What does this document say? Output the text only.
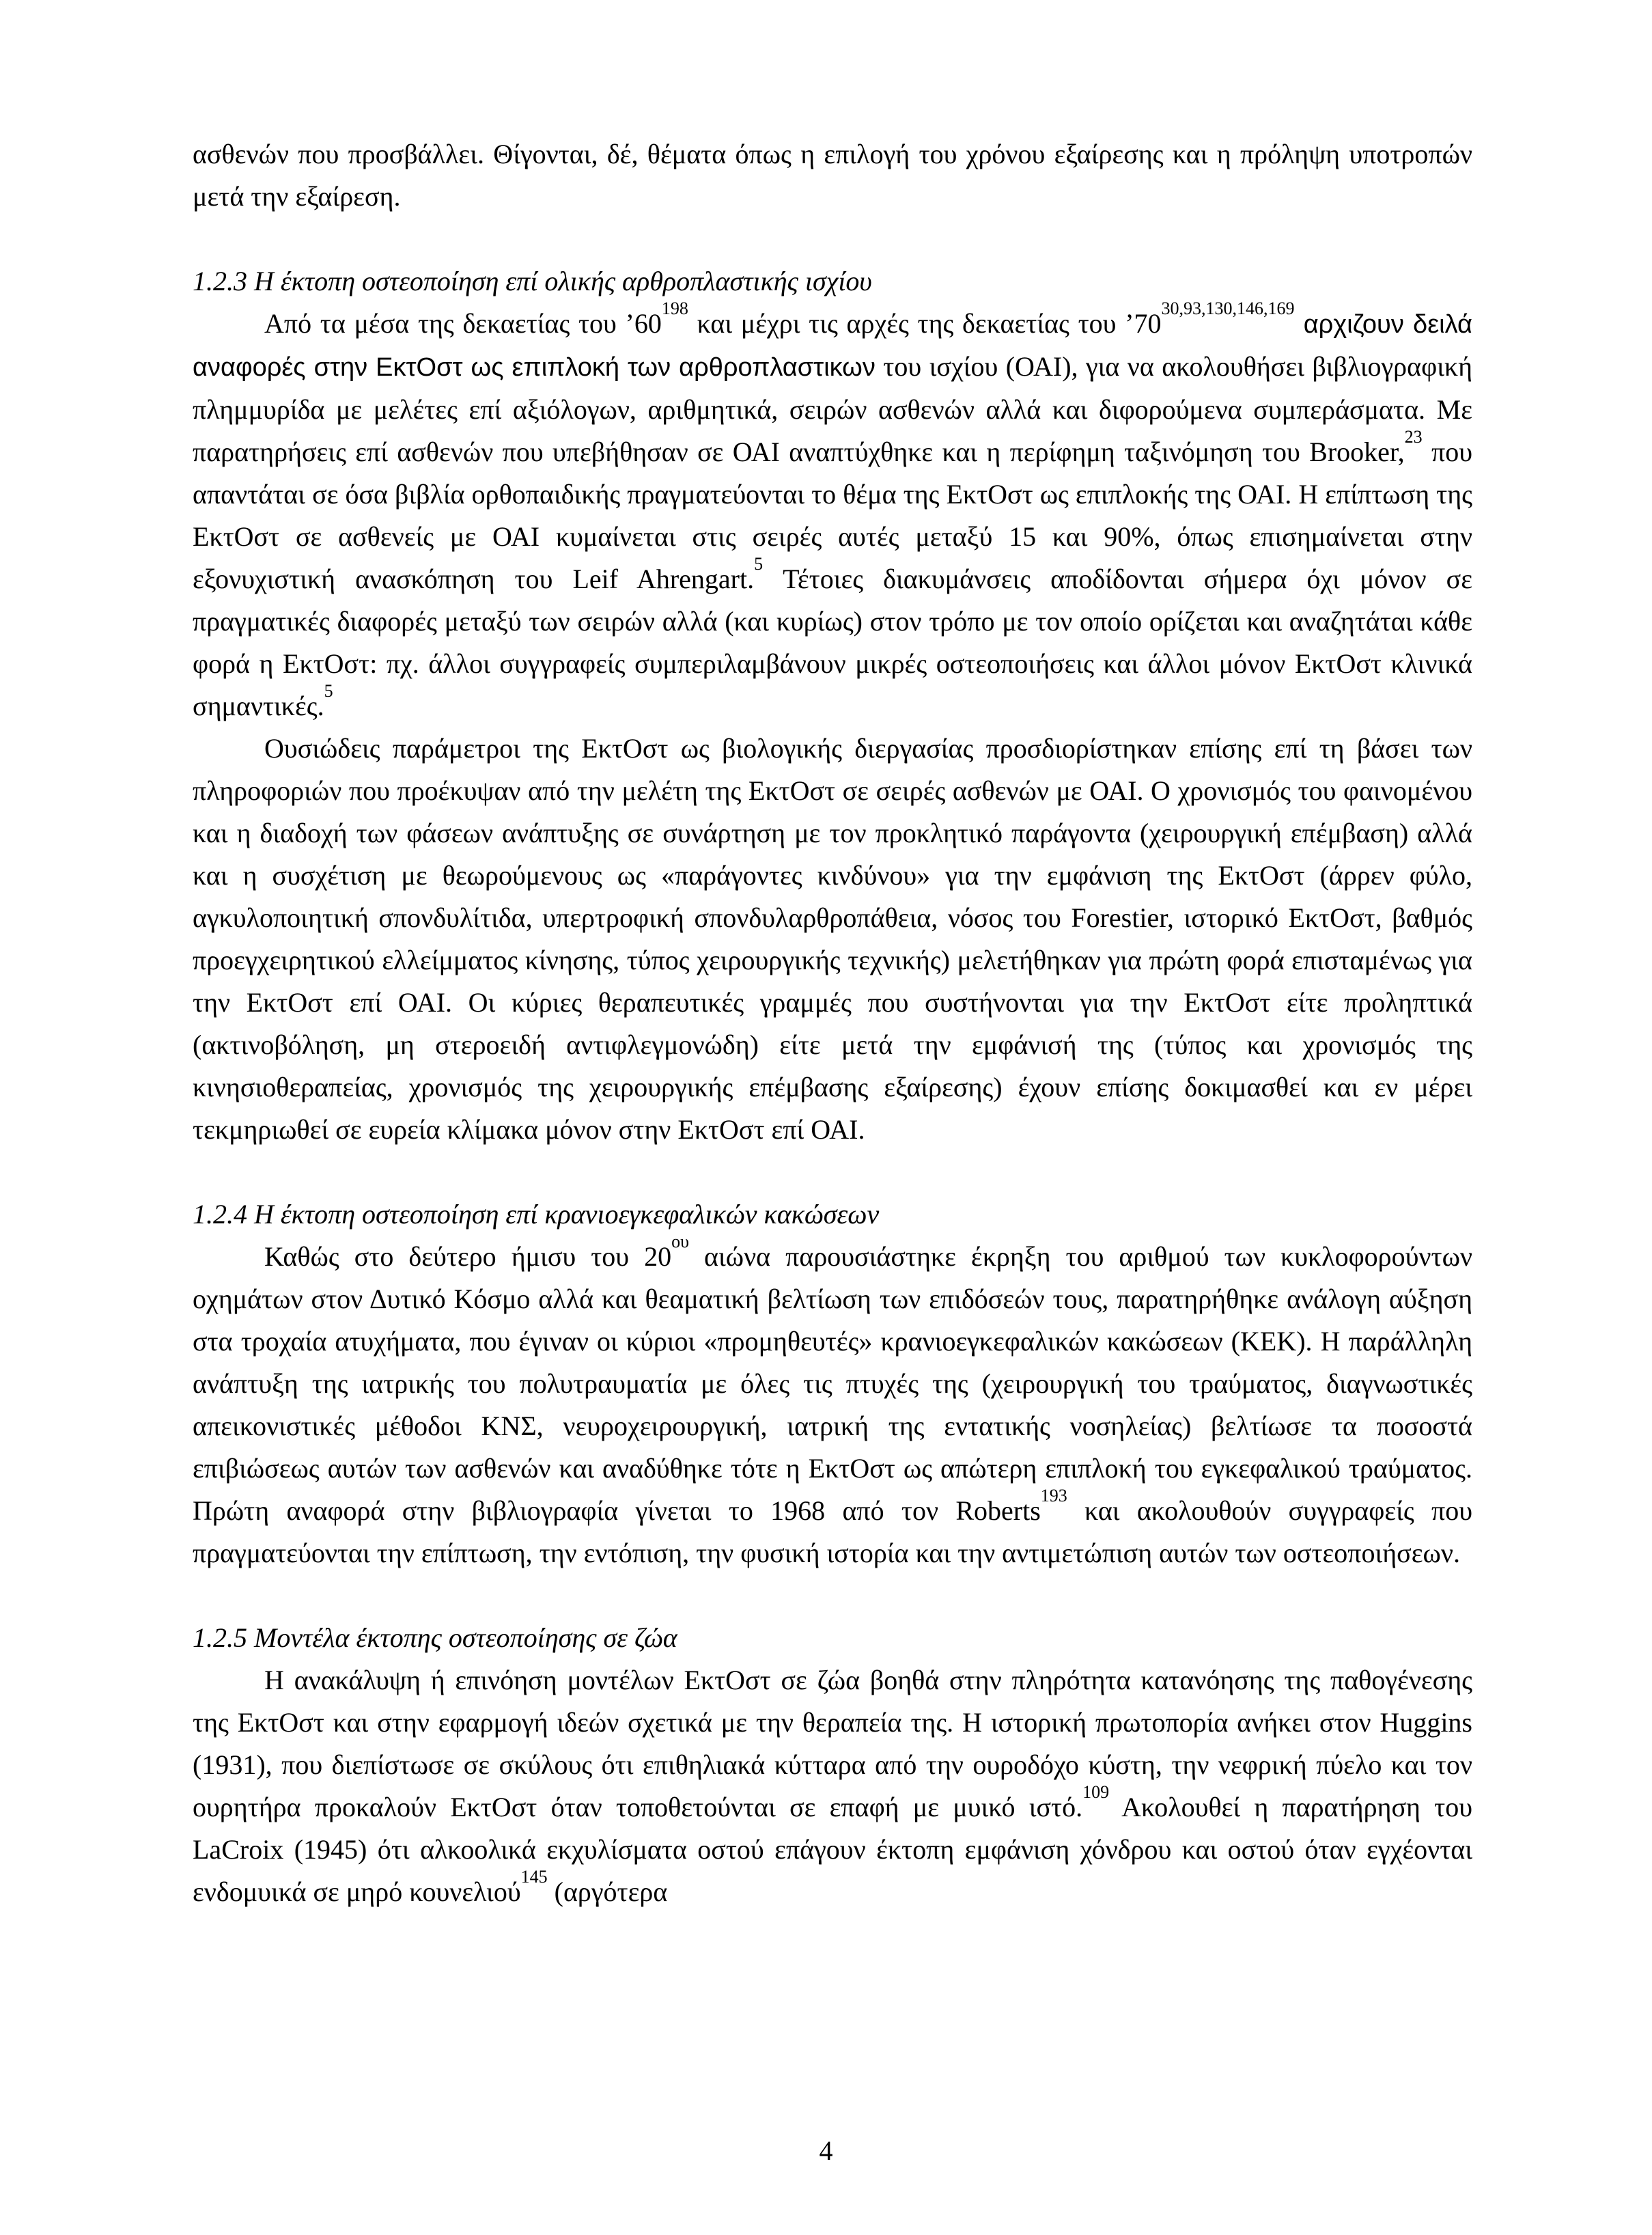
ασθενών που προσβάλλει. Θίγονται, δέ, θέματα όπως η επιλογή του χρόνου εξαίρεσης και η πρόληψη υποτροπών μετά την εξαίρεση.

1.2.3 Η έκτοπη οστεοποίηση επί ολικής αρθροπλαστικής ισχίου

Από τα μέσα της δεκαετίας του $’60^{198}$ και μέχρι τις αρχές της δεκαετίας του ’70$^{30,93,130,146,169}$ αρχιζουν δειλά αναφορές στην ΕκτΟστ ως επιπλοκή των αρθροπλαστικων του ισχίου (ΟΑΙ), για να ακολουθήσει βιβλιογραφική πλημμυρίδα με μελέτες επί αξιόλογων, αριθμητικά, σειρών ασθενών αλλά και διφορούμενα συμπεράσματα. Με παρατηρήσεις επί ασθενών που υπεβήθησαν σε ΟΑΙ αναπτύχθηκε και η περίφημη ταξινόμηση του Brooker,$^{23}$ που απαντάται σε όσα βιβλία ορθοπαιδικής πραγματεύονται το θέμα της ΕκτΟστ ως επιπλοκής της ΟΑΙ. Η επίπτωση της ΕκτΟστ σε ασθενείς με ΟΑΙ κυμαίνεται στις σειρές αυτές μεταξύ 15 και 90%, όπως επισημαίνεται στην εξονυχιστική ανασκόπηση του Leif Ahrengart.$^5$ Τέτοιες διακυμάνσεις αποδίδονται σήμερα όχι μόνον σε πραγματικές διαφορές μεταξύ των σειρών αλλά (και κυρίως) στον τρόπο με τον οποίο ορίζεται και αναζητάται κάθε φορά η ΕκτΟστ: πχ. άλλοι συγγραφείς συμπεριλαμβάνουν μικρές οστεοποιήσεις και άλλοι μόνον ΕκτΟστ κλινικά σημαντικές.$^5$

Ουσιώδεις παράμετροι της ΕκτΟστ ως βιολογικής διεργασίας προσδιορίστηκαν επίσης επί τη βάσει των πληροφοριών που προέκυψαν από την μελέτη της ΕκτΟστ σε σειρές ασθενών με ΟΑΙ. Ο χρονισμός του φαινομένου και η διαδοχή των φάσεων ανάπτυξης σε συνάρτηση με τον προκλητικό παράγοντα (χειρουργική επέμβαση) αλλά και η συσχέτιση με θεωρούμενους ως «παράγοντες κινδύνου» για την εμφάνιση της ΕκτΟστ (άρρεν φύλο, αγκυλοποιητική σπονδυλίτιδα, υπερτροφική σπονδυλαρθροπάθεια, νόσος του Forestier, ιστορικό ΕκτΟστ, βαθμός προεγχειρητικού ελλείμματος κίνησης, τύπος χειρουργικής τεχνικής) μελετήθηκαν για πρώτη φορά επισταμένως για την ΕκτΟστ επί ΟΑΙ. Οι κύριες θεραπευτικές γραμμές που συστήνονται για την ΕκτΟστ είτε προληπτικά (ακτινοβόληση, μη στεροειδή αντιφλεγμονώδη) είτε μετά την εμφάνισή της (τύπος και χρονισμός της κινησιοθεραπείας, χρονισμός της χειρουργικής επέμβασης εξαίρεσης) έχουν επίσης δοκιμασθεί και εν μέρει τεκμηριωθεί σε ευρεία κλίμακα μόνον στην ΕκτΟστ επί ΟΑΙ.

1.2.4 Η έκτοπη οστεοποίηση επί κρανιοεγκεφαλικών κακώσεων

Καθώς στο δεύτερο ήμισυ του $20^{o\upsilon}$ αιώνα παρουσιάστηκε έκρηξη του αριθμού των κυκλοφορούντων οχημάτων στον Δυτικό Κόσμο αλλά και θεαματική βελτίωση των επιδόσεών τους, παρατηρήθηκε ανάλογη αύξηση στα τροχαία ατυχήματα, που έγιναν οι κύριοι «προμηθευτές» κρανιοεγκεφαλικών κακώσεων (ΚΕΚ). Η παράλληλη ανάπτυξη της ιατρικής του πολυτραυματία με όλες τις πτυχές της (χειρουργική του τραύματος, διαγνωστικές απεικονιστικές μέθοδοι ΚΝΣ, νευροχειρουργική, ιατρική της εντατικής νοσηλείας) βελτίωσε τα ποσοστά επιβιώσεως αυτών των ασθενών και αναδύθηκε τότε η ΕκτΟστ ως απώτερη επιπλοκή του εγκεφαλικού τραύματος. Πρώτη αναφορά στην βιβλιογραφία γίνεται το 1968 από τον Roberts$^{193}$ και ακολουθούν συγγραφείς που πραγματεύονται την επίπτωση, την εντόπιση, την φυσική ιστορία και την αντιμετώπιση αυτών των οστεοποιήσεων.

1.2.5 Μοντέλα έκτοπης οστεοποίησης σε ζώα

Η ανακάλυψη ή επινόηση μοντέλων ΕκτΟστ σε ζώα βοηθά στην πληρότητα κατανόησης της παθογένεσης της ΕκτΟστ και στην εφαρμογή ιδεών σχετικά με την θεραπεία της. Η ιστορική πρωτοπορία ανήκει στον Huggins (1931), που διεπίστωσε σε σκύλους ότι επιθηλιακά κύτταρα από την ουροδόχο κύστη, την νεφρική πύελο και τον ουρητήρα προκαλούν ΕκτΟστ όταν τοποθετούνται σε επαφή με μυικό ιστό.$^{109}$ Ακολουθεί η παρατήρηση του LaCroix (1945) ότι αλκοολικά εκχυλίσματα οστού επάγουν έκτοπη εμφάνιση χόνδρου και οστού όταν εγχέονται ενδομυικά σε μηρό κουνελιού$^{145}$ (αργότερα

4
